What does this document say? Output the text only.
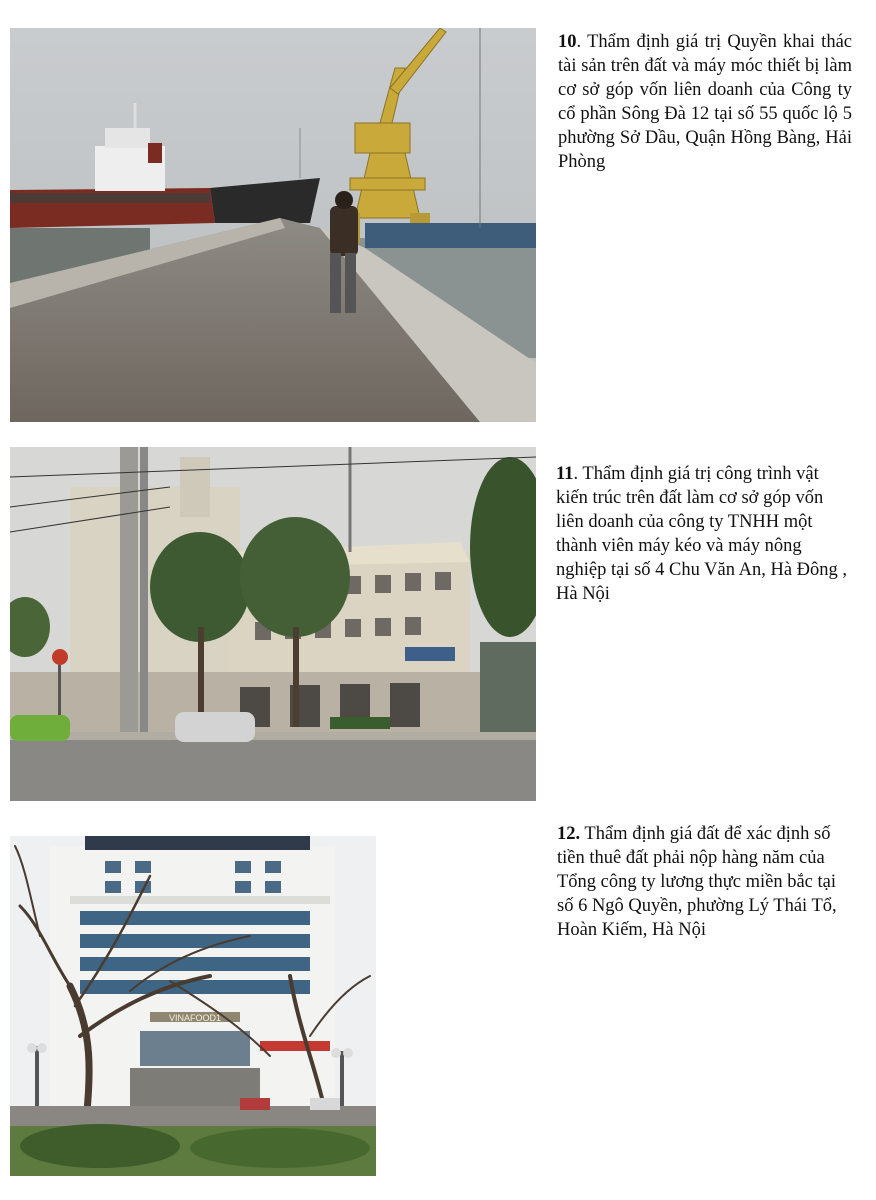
10. Thẩm định giá trị Quyền khai thác tài sản trên đất và máy móc thiết bị làm cơ sở góp vốn liên doanh của Công ty cổ phần Sông Đà 12 tại số 55 quốc lộ 5 phường Sở Dầu, Quận Hồng Bàng, Hải Phòng
11. Thẩm định giá trị công trình vật kiến trúc trên đất làm cơ sở góp vốn liên doanh của công ty TNHH một thành viên máy kéo và máy nông nghiệp tại số 4 Chu Văn An, Hà Đông , Hà Nội
VINAFOOD1
12. Thẩm định giá đất để xác định số tiền thuê đất phải nộp hàng năm của Tổng công ty lương thực miền bắc tại số 6 Ngô Quyền, phường Lý Thái Tổ, Hoàn Kiếm, Hà Nội
